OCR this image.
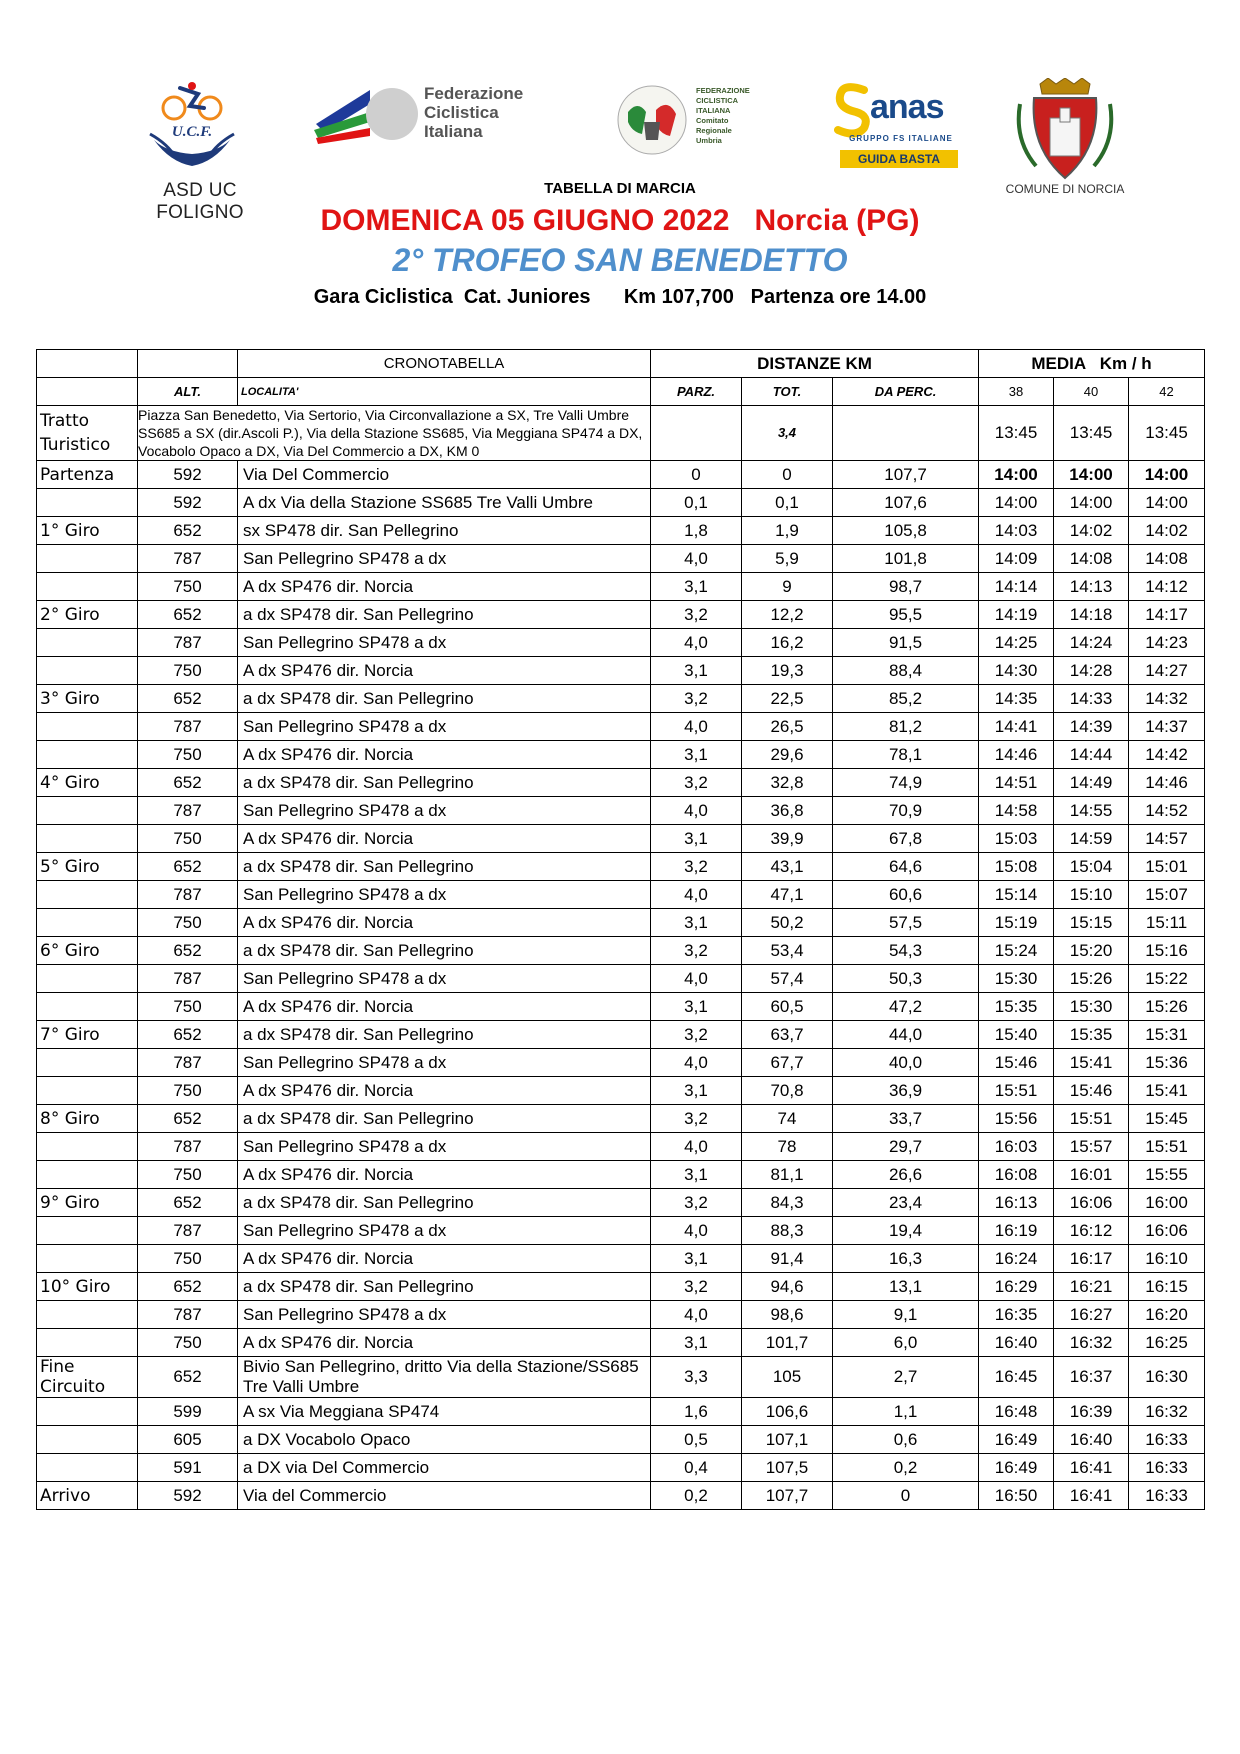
U.C.F.
ASD UC FOLIGNO
Federazione
Ciclistica
Italiana
FEDERAZIONE
CICLISTICA
ITALIANA
Comitato
Regionale
Umbria
anas
GRUPPO FS ITALIANE
GUIDA BASTA
COMUNE DI NORCIA
TABELLA DI MARCIA
DOMENICA 05 GIUGNO 2022   Norcia (PG)
2° TROFEO SAN BENEDETTO
Gara Ciclistica  Cat. Juniores      Km 107,700   Partenza ore 14.00
		CRONOTABELLA	DISTANZE KM			MEDIA   Km / h		
	ALT.	LOCALITA'	PARZ.	TOT.	DA PERC.	38	40	42
Tratto Turistico	Piazza San Benedetto, Via Sertorio, Via Circonvallazione a SX, Tre Valli Umbre SS685 a SX (dir.Ascoli P.), Via della Stazione SS685, Via Meggiana SP474 a DX, Vocabolo Opaco a DX, Via Del Commercio a DX, KM 0			3,4		13:45	13:45	13:45
Partenza	592	Via Del Commercio	0	0	107,7	14:00	14:00	14:00
	592	A dx Via della Stazione SS685 Tre Valli Umbre	0,1	0,1	107,6	14:00	14:00	14:00
1° Giro	652	sx SP478 dir. San Pellegrino	1,8	1,9	105,8	14:03	14:02	14:02
	787	San Pellegrino SP478 a dx	4,0	5,9	101,8	14:09	14:08	14:08
	750	A dx SP476 dir. Norcia	3,1	9	98,7	14:14	14:13	14:12
2° Giro	652	a dx SP478 dir. San Pellegrino	3,2	12,2	95,5	14:19	14:18	14:17
	787	San Pellegrino SP478 a dx	4,0	16,2	91,5	14:25	14:24	14:23
	750	A dx SP476 dir. Norcia	3,1	19,3	88,4	14:30	14:28	14:27
3° Giro	652	a dx SP478 dir. San Pellegrino	3,2	22,5	85,2	14:35	14:33	14:32
	787	San Pellegrino SP478 a dx	4,0	26,5	81,2	14:41	14:39	14:37
	750	A dx SP476 dir. Norcia	3,1	29,6	78,1	14:46	14:44	14:42
4° Giro	652	a dx SP478 dir. San Pellegrino	3,2	32,8	74,9	14:51	14:49	14:46
	787	San Pellegrino SP478 a dx	4,0	36,8	70,9	14:58	14:55	14:52
	750	A dx SP476 dir. Norcia	3,1	39,9	67,8	15:03	14:59	14:57
5° Giro	652	a dx SP478 dir. San Pellegrino	3,2	43,1	64,6	15:08	15:04	15:01
	787	San Pellegrino SP478 a dx	4,0	47,1	60,6	15:14	15:10	15:07
	750	A dx SP476 dir. Norcia	3,1	50,2	57,5	15:19	15:15	15:11
6° Giro	652	a dx SP478 dir. San Pellegrino	3,2	53,4	54,3	15:24	15:20	15:16
	787	San Pellegrino SP478 a dx	4,0	57,4	50,3	15:30	15:26	15:22
	750	A dx SP476 dir. Norcia	3,1	60,5	47,2	15:35	15:30	15:26
7° Giro	652	a dx SP478 dir. San Pellegrino	3,2	63,7	44,0	15:40	15:35	15:31
	787	San Pellegrino SP478 a dx	4,0	67,7	40,0	15:46	15:41	15:36
	750	A dx SP476 dir. Norcia	3,1	70,8	36,9	15:51	15:46	15:41
8° Giro	652	a dx SP478 dir. San Pellegrino	3,2	74	33,7	15:56	15:51	15:45
	787	San Pellegrino SP478 a dx	4,0	78	29,7	16:03	15:57	15:51
	750	A dx SP476 dir. Norcia	3,1	81,1	26,6	16:08	16:01	15:55
9° Giro	652	a dx SP478 dir. San Pellegrino	3,2	84,3	23,4	16:13	16:06	16:00
	787	San Pellegrino SP478 a dx	4,0	88,3	19,4	16:19	16:12	16:06
	750	A dx SP476 dir. Norcia	3,1	91,4	16,3	16:24	16:17	16:10
10° Giro	652	a dx SP478 dir. San Pellegrino	3,2	94,6	13,1	16:29	16:21	16:15
	787	San Pellegrino SP478 a dx	4,0	98,6	9,1	16:35	16:27	16:20
	750	A dx SP476 dir. Norcia	3,1	101,7	6,0	16:40	16:32	16:25
Fine Circuito	652	Bivio San Pellegrino, dritto Via della Stazione/SS685 Tre Valli Umbre	3,3	105	2,7	16:45	16:37	16:30
	599	A sx Via Meggiana SP474	1,6	106,6	1,1	16:48	16:39	16:32
	605	a DX Vocabolo Opaco	0,5	107,1	0,6	16:49	16:40	16:33
	591	a DX via Del Commercio	0,4	107,5	0,2	16:49	16:41	16:33
Arrivo	592	Via del Commercio	0,2	107,7	0	16:50	16:41	16:33
